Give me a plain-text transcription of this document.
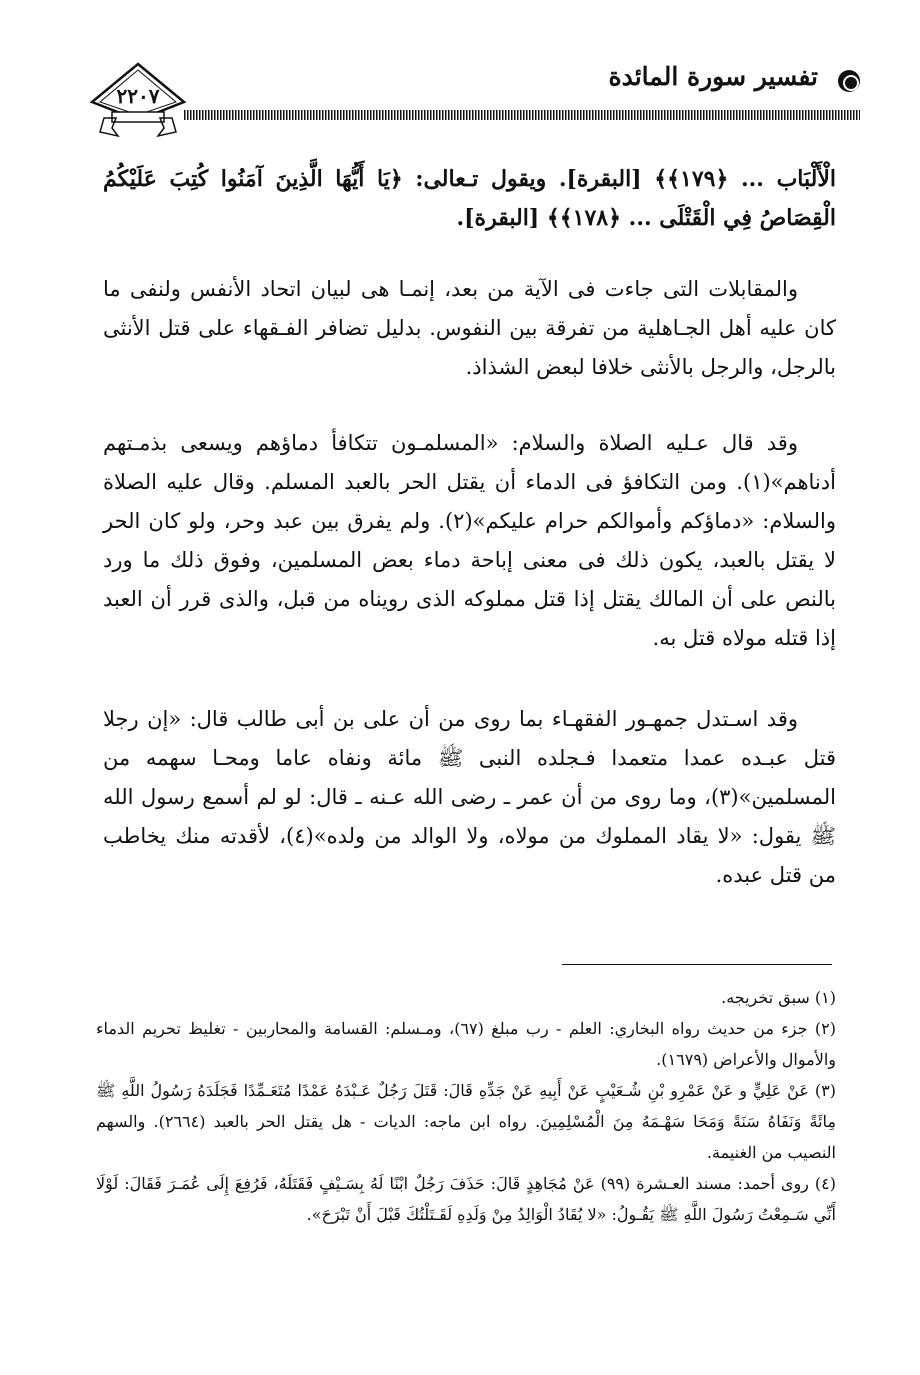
٢٢٠٧
تفسير سورة المائدة

الْأَلْبَاب ... ﴿١٧٩﴾﴾ [البقرة]. ويقول تـعالى: ﴿يَا أَيُّهَا الَّذِينَ آمَنُوا كُتِبَ عَلَيْكُمُ الْقِصَاصُ فِي الْقَتْلَى ... ﴿١٧٨﴾﴾ [البقرة].

والمقابلات التى جاءت فى الآية من بعد، إنمـا هى لبيان اتحاد الأنفس ولنفى ما كان عليه أهل الجـاهلية من تفرقة بين النفوس. بدليل تضافر الفـقهاء على قتل الأنثى بالرجل، والرجل بالأنثى خلافا لبعض الشذاذ.

وقد قال عـليه الصلاة والسلام: «المسلمـون تتكافأ دماؤهم ويسعى بذمـتهم أدناهم»(١). ومن التكافؤ فى الدماء أن يقتل الحر بالعبد المسلم. وقال عليه الصلاة والسلام: «دماؤكم وأموالكم حرام عليكم»(٢). ولم يفرق بين عبد وحر، ولو كان الحر لا يقتل بالعبد، يكون ذلك فى معنى إباحة دماء بعض المسلمين، وفوق ذلك ما ورد بالنص على أن المالك يقتل إذا قتل مملوكه الذى رويناه من قبل، والذى قرر أن العبد إذا قتله مولاه قتل به.

وقد اسـتدل جمهـور الفقهـاء بما روى من أن على بن أبى طالب قال: «إن رجلا قتل عبـده عمدا متعمدا فـجلده النبى ﷺ مائة ونفاه عاما ومحـا سهمه من المسلمين»(٣)، وما روى من أن عمر ـ رضى الله عـنه ـ قال: لو لم أسمع رسول الله ﷺ يقول: «لا يقاد المملوك من مولاه، ولا الوالد من ولده»(٤)، لأقدته منك يخاطب من قتل عبده.

(١) سبق تخريجه.

(٢) جزء من حديث رواه البخاري: العلم - رب مبلغ (٦٧)، ومـسلم: القسامة والمحاربين - تغليظ تحريم الدماء والأموال والأعراض (١٦٧٩).

(٣) عَنْ عَلِيٍّ و عَنْ عَمْرِو بْنِ شُـعَيْبٍ عَنْ أَبِيهِ عَنْ جَدِّهِ قَالَ: قَتَلَ رَجُلٌ عَـبْدَهُ عَمْدًا مُتَعَـمِّدًا فَجَلَدَهُ رَسُولُ اللَّهِ ﷺ مِائَةً وَنَفَاهُ سَنَةً وَمَحَا سَهْـمَهُ مِنَ الْمُسْلِمِينَ. رواه ابن ماجه: الديات - هل يقتل الحر بالعبد (٢٦٦٤). والسهم النصيب من الغنيمة.

(٤) روى أحمد: مسند العـشرة (٩٩) عَنْ مُجَاهِدٍ قَالَ: حَذَفَ رَجُلٌ ابْنًا لَهُ بِسَـيْفٍ فَقَتَلَهُ، فَرُفِعَ إِلَى عُمَـرَ فَقَالَ: لَوْلَا أَنِّي سَـمِعْتُ رَسُولَ اللَّهِ ﷺ يَقُـولُ: «لا يُقَادُ الْوَالِدُ مِنْ وَلَدِهِ لَقَـتَلْتُكَ قَبْلَ أَنْ تَبْرَحَ».
